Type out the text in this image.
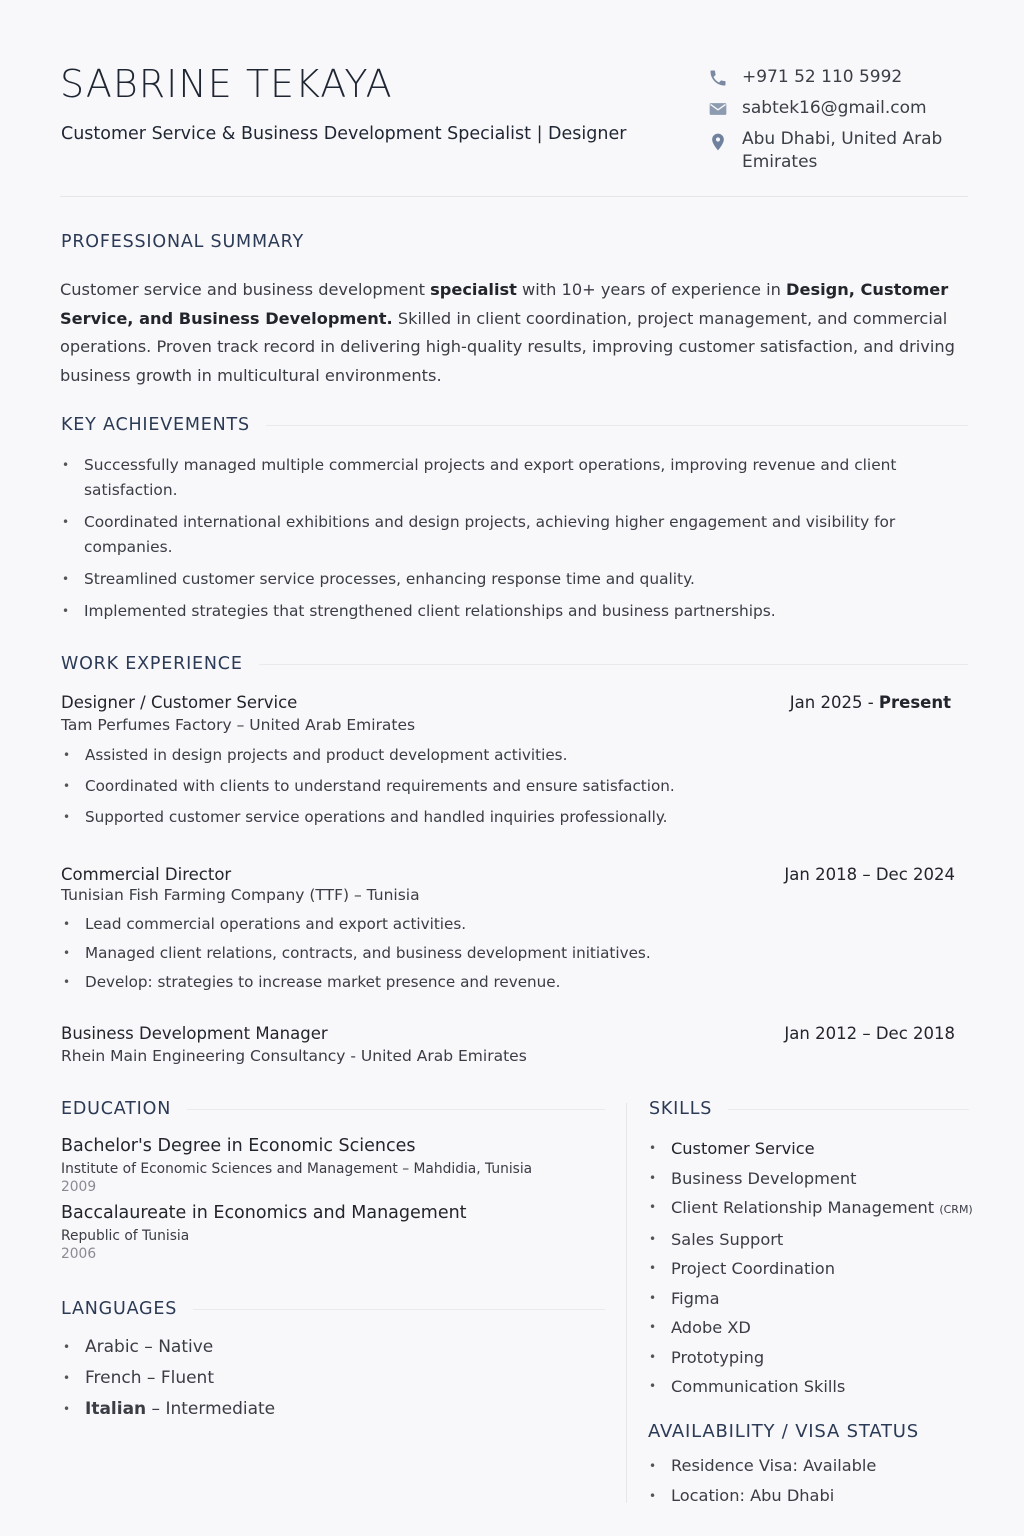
SABRINE TEKAYA
Customer Service & Business Development Specialist | Designer
+971 52 110 5992
sabtek16@gmail.com
Abu Dhabi, United Arab Emirates
PROFESSIONAL SUMMARY
Customer service and business development specialist with 10+ years of experience in Design, Customer Service, and Business Development. Skilled in client coordination, project management, and commercial operations. Proven track record in delivering high-quality results, improving customer satisfaction, and driving business growth in multicultural environments.
KEY ACHIEVEMENTS
• Successfully managed multiple commercial projects and export operations, improving revenue and client satisfaction.
• Coordinated international exhibitions and design projects, achieving higher engagement and visibility for companies.
• Streamlined customer service processes, enhancing response time and quality.
• Implemented strategies that strengthened client relationships and business partnerships.
WORK EXPERIENCE
Designer / Customer Service	Jan 2025 - Present
Tam Perfumes Factory – United Arab Emirates
• Assisted in design projects and product development activities.
• Coordinated with clients to understand requirements and ensure satisfaction.
• Supported customer service operations and handled inquiries professionally.
Commercial Director	Jan 2018 – Dec 2024
Tunisian Fish Farming Company (TTF) – Tunisia
• Lead commercial operations and export activities.
• Managed client relations, contracts, and business development initiatives.
• Develop: strategies to increase market presence and revenue.
Business Development Manager	Jan 2012 – Dec 2018
Rhein Main Engineering Consultancy - United Arab Emirates
EDUCATION
Bachelor's Degree in Economic Sciences
Institute of Economic Sciences and Management – Mahdidia, Tunisia
2009
Baccalaureate in Economics and Management
Republic of Tunisia
2006
LANGUAGES
• Arabic – Native
• French – Fluent
• Italian – Intermediate
SKILLS
• Customer Service
• Business Development
• Client Relationship Management (CRM)
• Sales Support
• Project Coordination
• Figma
• Adobe XD
• Prototyping
• Communication Skills
AVAILABILITY / VISA STATUS
• Residence Visa: Available
• Location: Abu Dhabi
